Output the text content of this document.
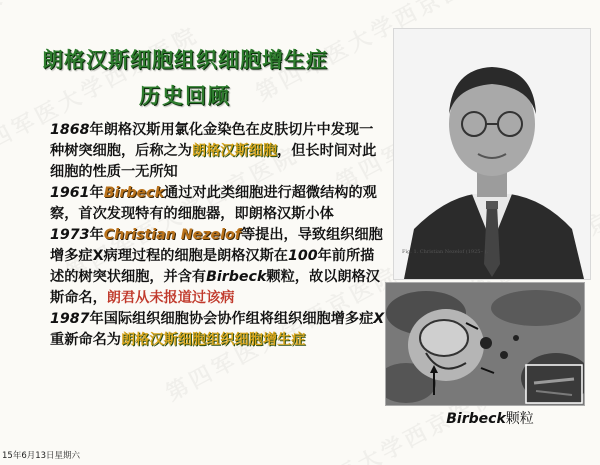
朗格汉斯细胞组织细胞增生症
历史回顾

1868年朗格汉斯用氯化金染色在皮肤切片中发现一种树突细胞，后称之为朗格汉斯细胞，但长时间对此细胞的性质一无所知

1961年Birbeck通过对此类细胞进行超微结构的观察，首次发现特有的细胞器，即朗格汉斯小体

1973年Christian Nezelof等提出，导致组织细胞增多症X病理过程的细胞是朗格汉斯在100年前所描述的树突状细胞，并含有Birbeck颗粒，故以朗格汉斯命名，朗君从未报道过该病

1987年国际组织细胞协会协作组将组织细胞增多症X重新命名为朗格汉斯细胞组织细胞增生症

Fig. 1. Christian Nezelof (1925– ).
Birbeck颗粒
15年6月13日星期六
